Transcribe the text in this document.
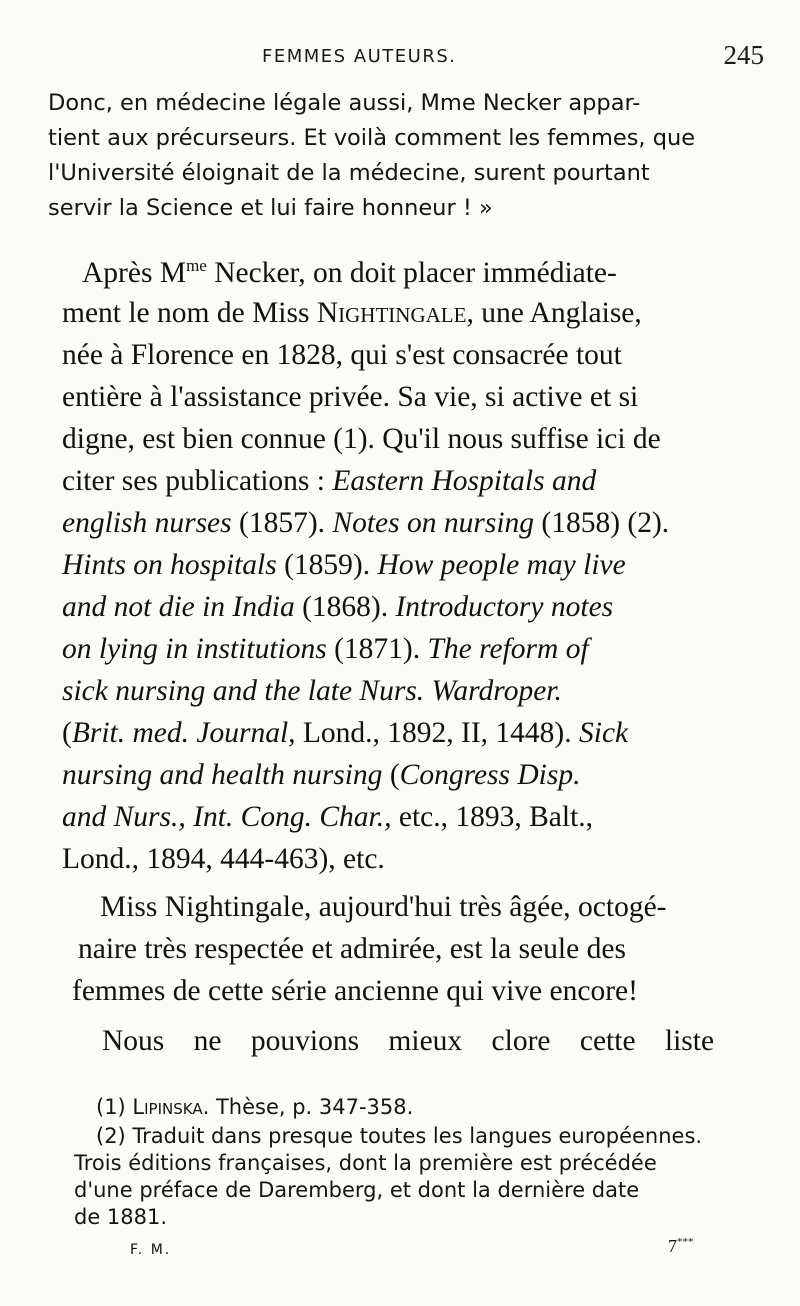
FEMMES AUTEURS.	245
Donc, en médecine légale aussi, Mme Necker appar-
tient aux précurseurs. Et voilà comment les femmes, que
l'Université éloignait de la médecine, surent pourtant
servir la Science et lui faire honneur ! »
Après $M^{me}$ Necker, on doit placer immédiate-
ment le nom de Miss Nightingale, une Anglaise,
née à Florence en 1828, qui s'est consacrée tout
entière à l'assistance privée. Sa vie, si active et si
digne, est bien connue (1). Qu'il nous suffise ici de
citer ses publications : Eastern Hospitals and
english nurses (1857). Notes on nursing (1858) (2).
Hints on hospitals (1859). How people may live
and not die in India (1868). Introductory notes
on lying in institutions (1871). The reform of
sick nursing and the late Nurs. Wardroper.
(Brit. med. Journal, Lond., 1892, II, 1448). Sick
nursing and health nursing (Congress Disp.
and Nurs., Int. Cong. Char., etc., 1893, Balt.,
Lond., 1894, 444-463), etc.
Miss Nightingale, aujourd'hui très âgée, octogé-
naire très respectée et admirée, est la seule des
femmes de cette série ancienne qui vive encore!
Nous ne pouvions mieux clore cette liste
(1) Lipinska. Thèse, p. 347-358.
(2) Traduit dans presque toutes les langues européennes.
Trois éditions françaises, dont la première est précédée
d'une préface de Daremberg, et dont la dernière date
de 1881.
F. M.	7***
